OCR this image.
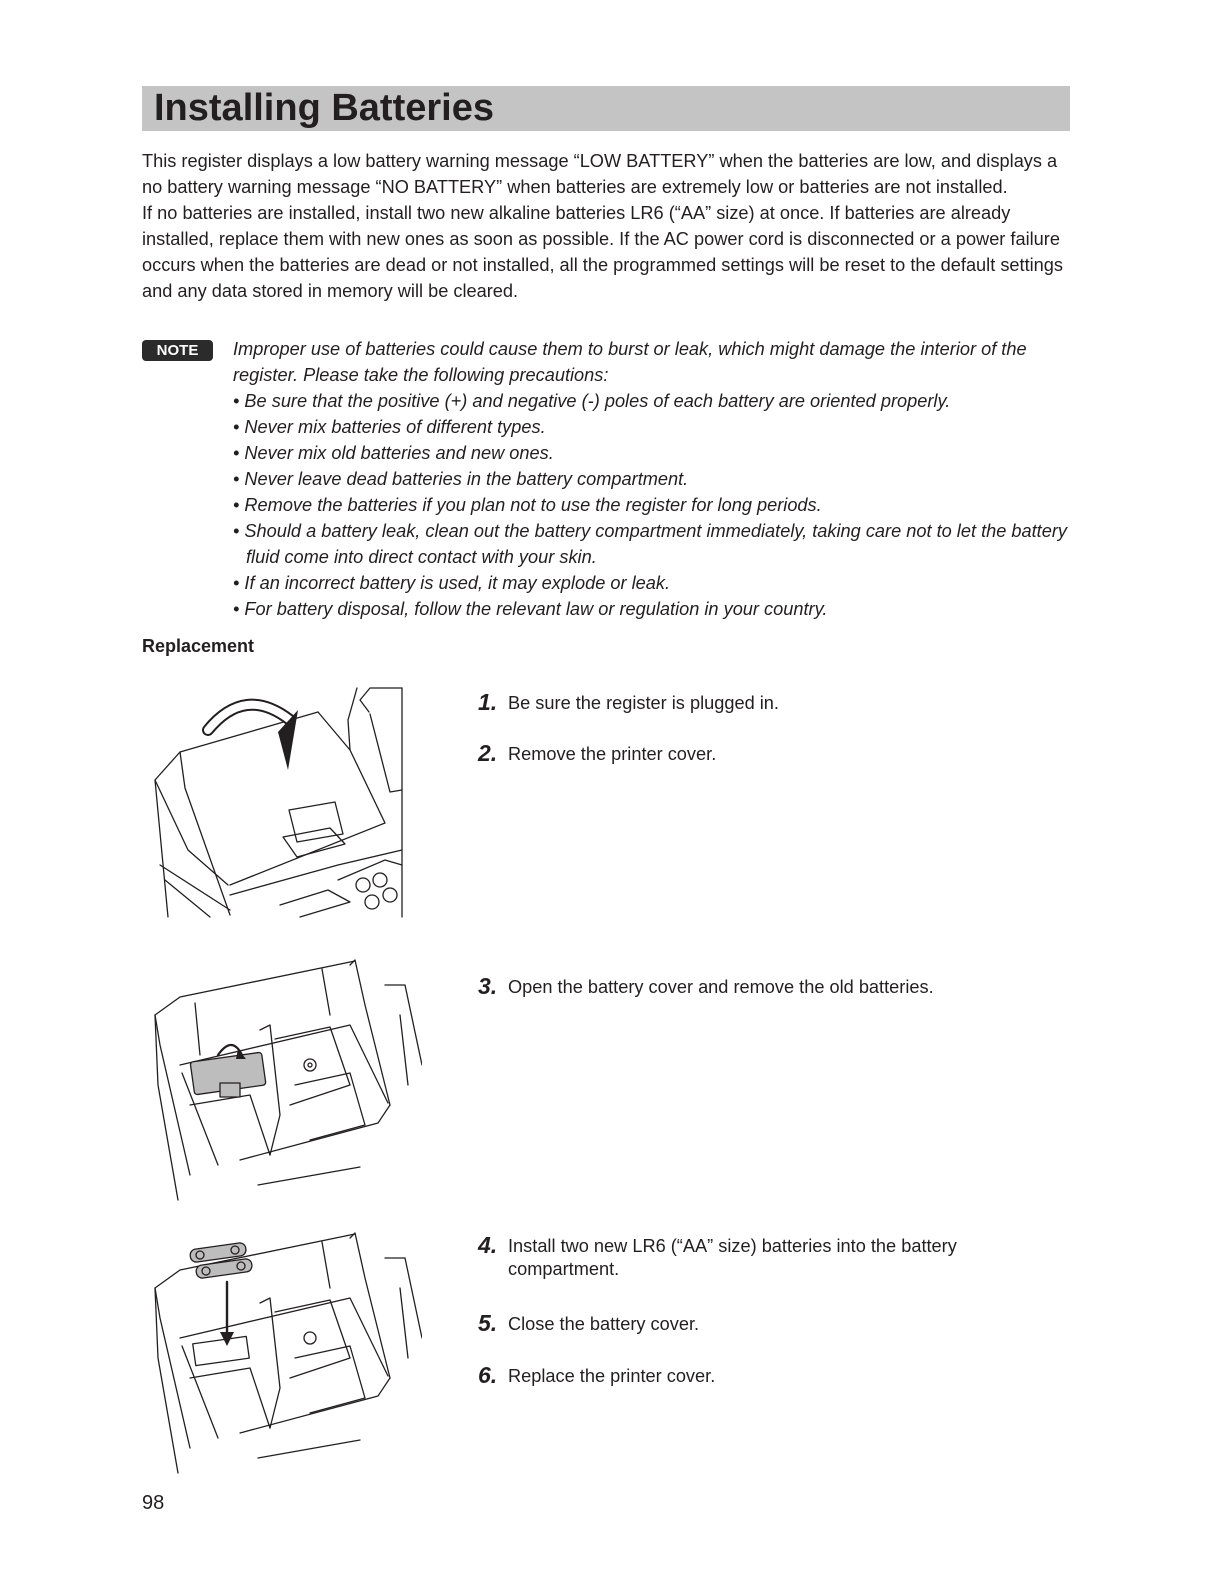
Installing Batteries

This register displays a low battery warning message “LOW BATTERY” when the batteries are low, and displays a no battery warning message “NO BATTERY” when batteries are extremely low or batteries are not installed.

If no batteries are installed, install two new alkaline batteries LR6 (“AA” size) at once. If batteries are already installed, replace them with new ones as soon as possible. If the AC power cord is disconnected or a power failure occurs when the batteries are dead or not installed, all the programmed settings will be reset to the default settings and any data stored in memory will be cleared.

NOTE	Improper use of batteries could cause them to burst or leak, which might damage the interior of the register. Please take the following precautions:

• Be sure that the positive (+) and negative (-) poles of each battery are oriented properly.
• Never mix batteries of different types.
• Never mix old batteries and new ones.
• Never leave dead batteries in the battery compartment.
• Remove the batteries if you plan not to use the register for long periods.
• Should a battery leak, clean out the battery compartment immediately, taking care not to let the battery fluid come into direct contact with your skin.
• If an incorrect battery is used, it may explode or leak.
• For battery disposal, follow the relevant law or regulation in your country.
Replacement
1. Be sure the register is plugged in.
2. Remove the printer cover.
3. Open the battery cover and remove the old batteries.
4. Install two new LR6 (“AA” size) batteries into the battery compartment.
5. Close the battery cover.
6. Replace the printer cover.
98
